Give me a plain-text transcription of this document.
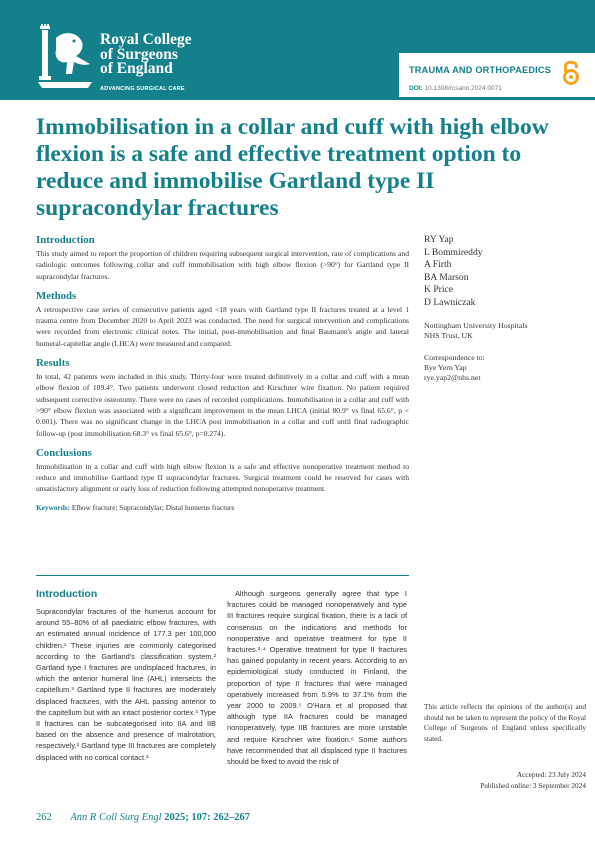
Royal College
of Surgeons
of England
ADVANCING SURGICAL CARE
TRAUMA AND ORTHOPAEDICS
DOI: 10.1308/rcsann.2024.0071
Immobilisation in a collar and cuff with high elbow flexion is a safe and effective treatment option to reduce and immobilise Gartland type II supracondylar fractures
Introduction

This study aimed to report the proportion of children requiring subsequent surgical intervention, rate of complications and radiologic outcomes following collar and cuff immobilisation with high elbow flexion (>90°) for Gartland type II supracondylar fractures.

Methods

A retrospective case series of consecutive patients aged <18 years with Gartland type II fractures treated at a level 1 trauma centre from December 2020 to April 2023 was conducted. The need for surgical intervention and complications were recorded from electronic clinical notes. The initial, post-immobilisation and final Baumann's angle and lateral humeral-capitellar angle (LHCA) were measured and compared.

Results

In total, 42 patients were included in this study. Thirty-four were treated definitively in a collar and cuff with a mean elbow flexion of 109.4°. Two patients underwent closed reduction and Kirschner wire fixation. No patient required subsequent corrective osteotomy. There were no cases of recorded complications. Immobilisation in a collar and cuff with >90° elbow flexion was associated with a significant improvement in the mean LHCA (initial 80.9° vs final 65.6°, p < 0.001). There was no significant change in the LHCA post immobilisation in a collar and cuff until final radiographic follow-up (post immobilisation 68.3° vs final 65.6°, p=0.274).

Conclusions

Immobilisation in a collar and cuff with high elbow flexion is a safe and effective nonoperative treatment method to reduce and immobilise Gartland type II supracondylar fractures. Surgical treatment could be reserved for cases with unsatisfactory alignment or early loss of reduction following attempted nonoperative treatment.

Keywords: Elbow fracture; Supracondylar; Distal humerus fracture
RY Yap
L Bommireddy
A Firth
BA Marson
K Price
D Lawniczak
Nottingham University Hospitals
NHS Trust, UK
Correspondence to:
Rye Yern Yap
rye.yap2@nhs.net
Introduction

Supracondylar fractures of the humerus account for around 55–80% of all paediatric elbow fractures, with an estimated annual incidence of 177.3 per 100,000 children.¹ These injuries are commonly categorised according to the Gartland's classification system.² Gartland type I fractures are undisplaced fractures, in which the anterior humeral line (AHL) intersects the capitellum.³ Gartland type II fractures are moderately displaced fractures, with the AHL passing anterior to the capitellum but with an intact posterior cortex.³ Type II fractures can be subcategorised into IIA and IIB based on the absence and presence of malrotation, respectively.³ Gartland type III fractures are completely displaced with no cortical contact.²

Although surgeons generally agree that type I fractures could be managed nonoperatively and type III fractures require surgical fixation, there is a lack of consensus on the indications and methods for nonoperative and operative treatment for type II fractures.³·⁴ Operative treatment for type II fractures has gained popularity in recent years. According to an epidemiological study conducted in Finland, the proportion of type II fractures that were managed operatively increased from 5.9% to 37.1% from the year 2000 to 2009.⁵ O'Hara et al proposed that although type IIA fractures could be managed nonoperatively, type IIB fractures are more unstable and require Kirschner wire fixation.⁶ Some authors have recommended that all displaced type II fractures should be fixed to avoid the risk of

This article reflects the opinions of the author(s) and should not be taken to represent the policy of the Royal College of Surgeons of England unless specifically stated.
Accepted: 23 July 2024
Published online: 3 September 2024
262 Ann R Coll Surg Engl 2025; 107: 262–267
